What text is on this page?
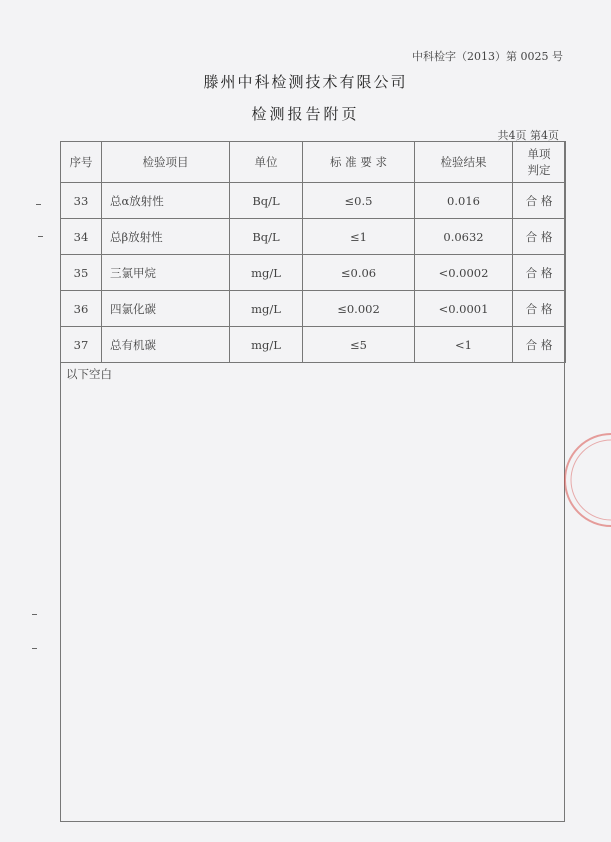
中科检字（2013）第 0025 号
滕州中科检测技术有限公司
检测报告附页
共4页 第4页
序号	检验项目	单位	标 准 要 求	检验结果	单项
判定

33	总α放射性	Bq/L	≤0.5	0.016	合 格
34	总β放射性	Bq/L	≤1	0.0632	合 格
35	三氯甲烷	mg/L	≤0.06	<0.0002	合 格
36	四氯化碳	mg/L	≤0.002	<0.0001	合 格
37	总有机碳	mg/L	≤5	<1	合 格
以下空白
